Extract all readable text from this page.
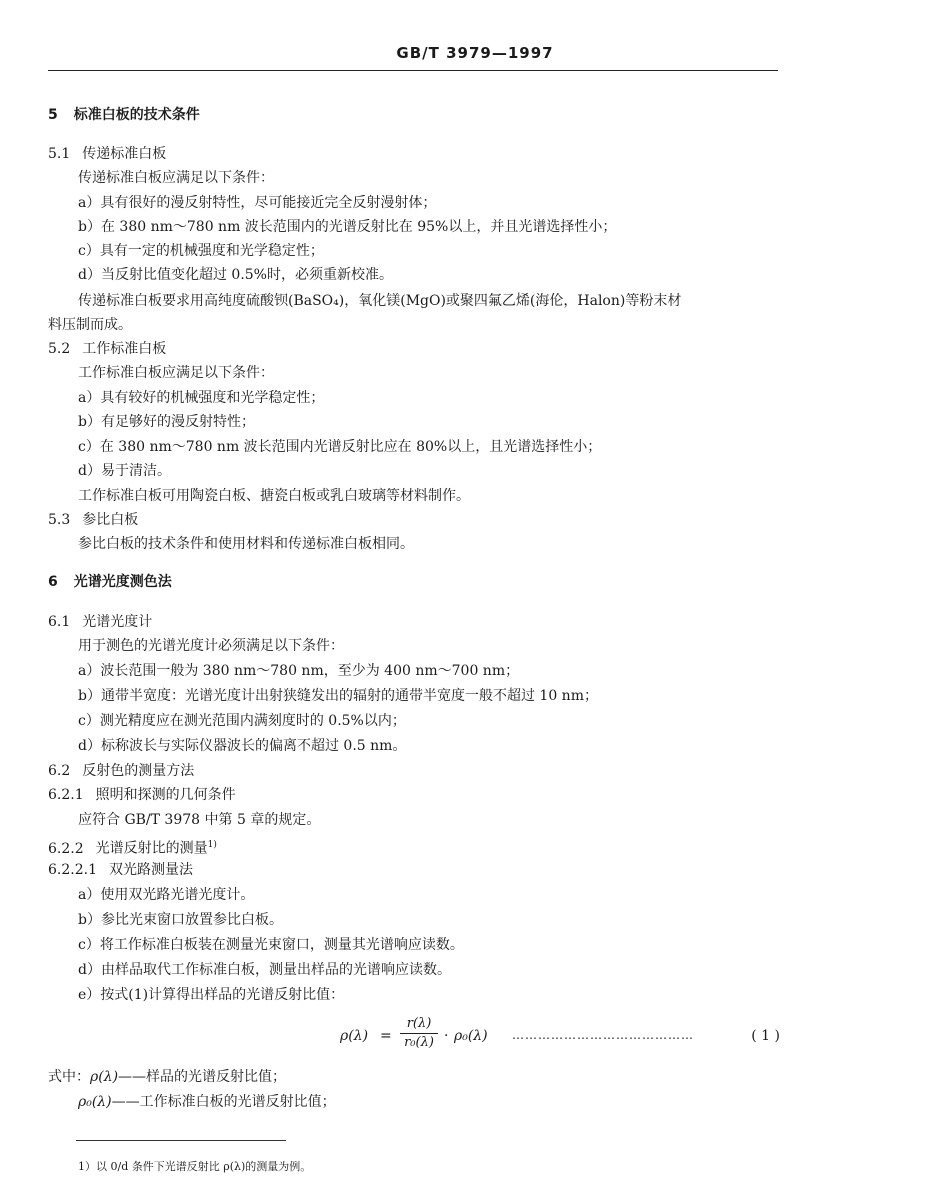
GB/T 3979—1997
5 标准白板的技术条件
5.1 传递标准白板
传递标准白板应满足以下条件：
a）具有很好的漫反射特性，尽可能接近完全反射漫射体；
b）在 380 nm～780 nm 波长范围内的光谱反射比在 95%以上，并且光谱选择性小；
c）具有一定的机械强度和光学稳定性；
d）当反射比值变化超过 0.5%时，必须重新校准。
传递标准白板要求用高纯度硫酸钡(BaSO₄)，氧化镁(MgO)或聚四氟乙烯(海伦，Halon)等粉末材
料压制而成。
5.2 工作标准白板
工作标准白板应满足以下条件：
a）具有较好的机械强度和光学稳定性；
b）有足够好的漫反射特性；
c）在 380 nm～780 nm 波长范围内光谱反射比应在 80%以上，且光谱选择性小；
d）易于清洁。
工作标准白板可用陶瓷白板、搪瓷白板或乳白玻璃等材料制作。
5.3 参比白板
参比白板的技术条件和使用材料和传递标准白板相同。
6 光谱光度测色法
6.1 光谱光度计
用于测色的光谱光度计必须满足以下条件：
a）波长范围一般为 380 nm～780 nm，至少为 400 nm～700 nm；
b）通带半宽度：光谱光度计出射狭缝发出的辐射的通带半宽度一般不超过 10 nm；
c）测光精度应在测光范围内满刻度时的 0.5%以内；
d）标称波长与实际仪器波长的偏离不超过 0.5 nm。
6.2 反射色的测量方法
6.2.1 照明和探测的几何条件
应符合 GB/T 3978 中第 5 章的规定。
6.2.2 光谱反射比的测量$^{1)}$
6.2.2.1 双光路测量法
a）使用双光路光谱光度计。
b）参比光束窗口放置参比白板。
c）将工作标准白板装在测量光束窗口，测量其光谱响应读数。
d）由样品取代工作标准白板，测量出样品的光谱响应读数。
e）按式(1)计算得出样品的光谱反射比值：
ρ(λ) =
r(λ)
r₀(λ) · ρ₀(λ) ……………………………………	( 1 )
式中：ρ(λ)——样品的光谱反射比值；
ρ₀(λ)——工作标准白板的光谱反射比值；
1）以 0/d 条件下光谱反射比 ρ(λ)的测量为例。
